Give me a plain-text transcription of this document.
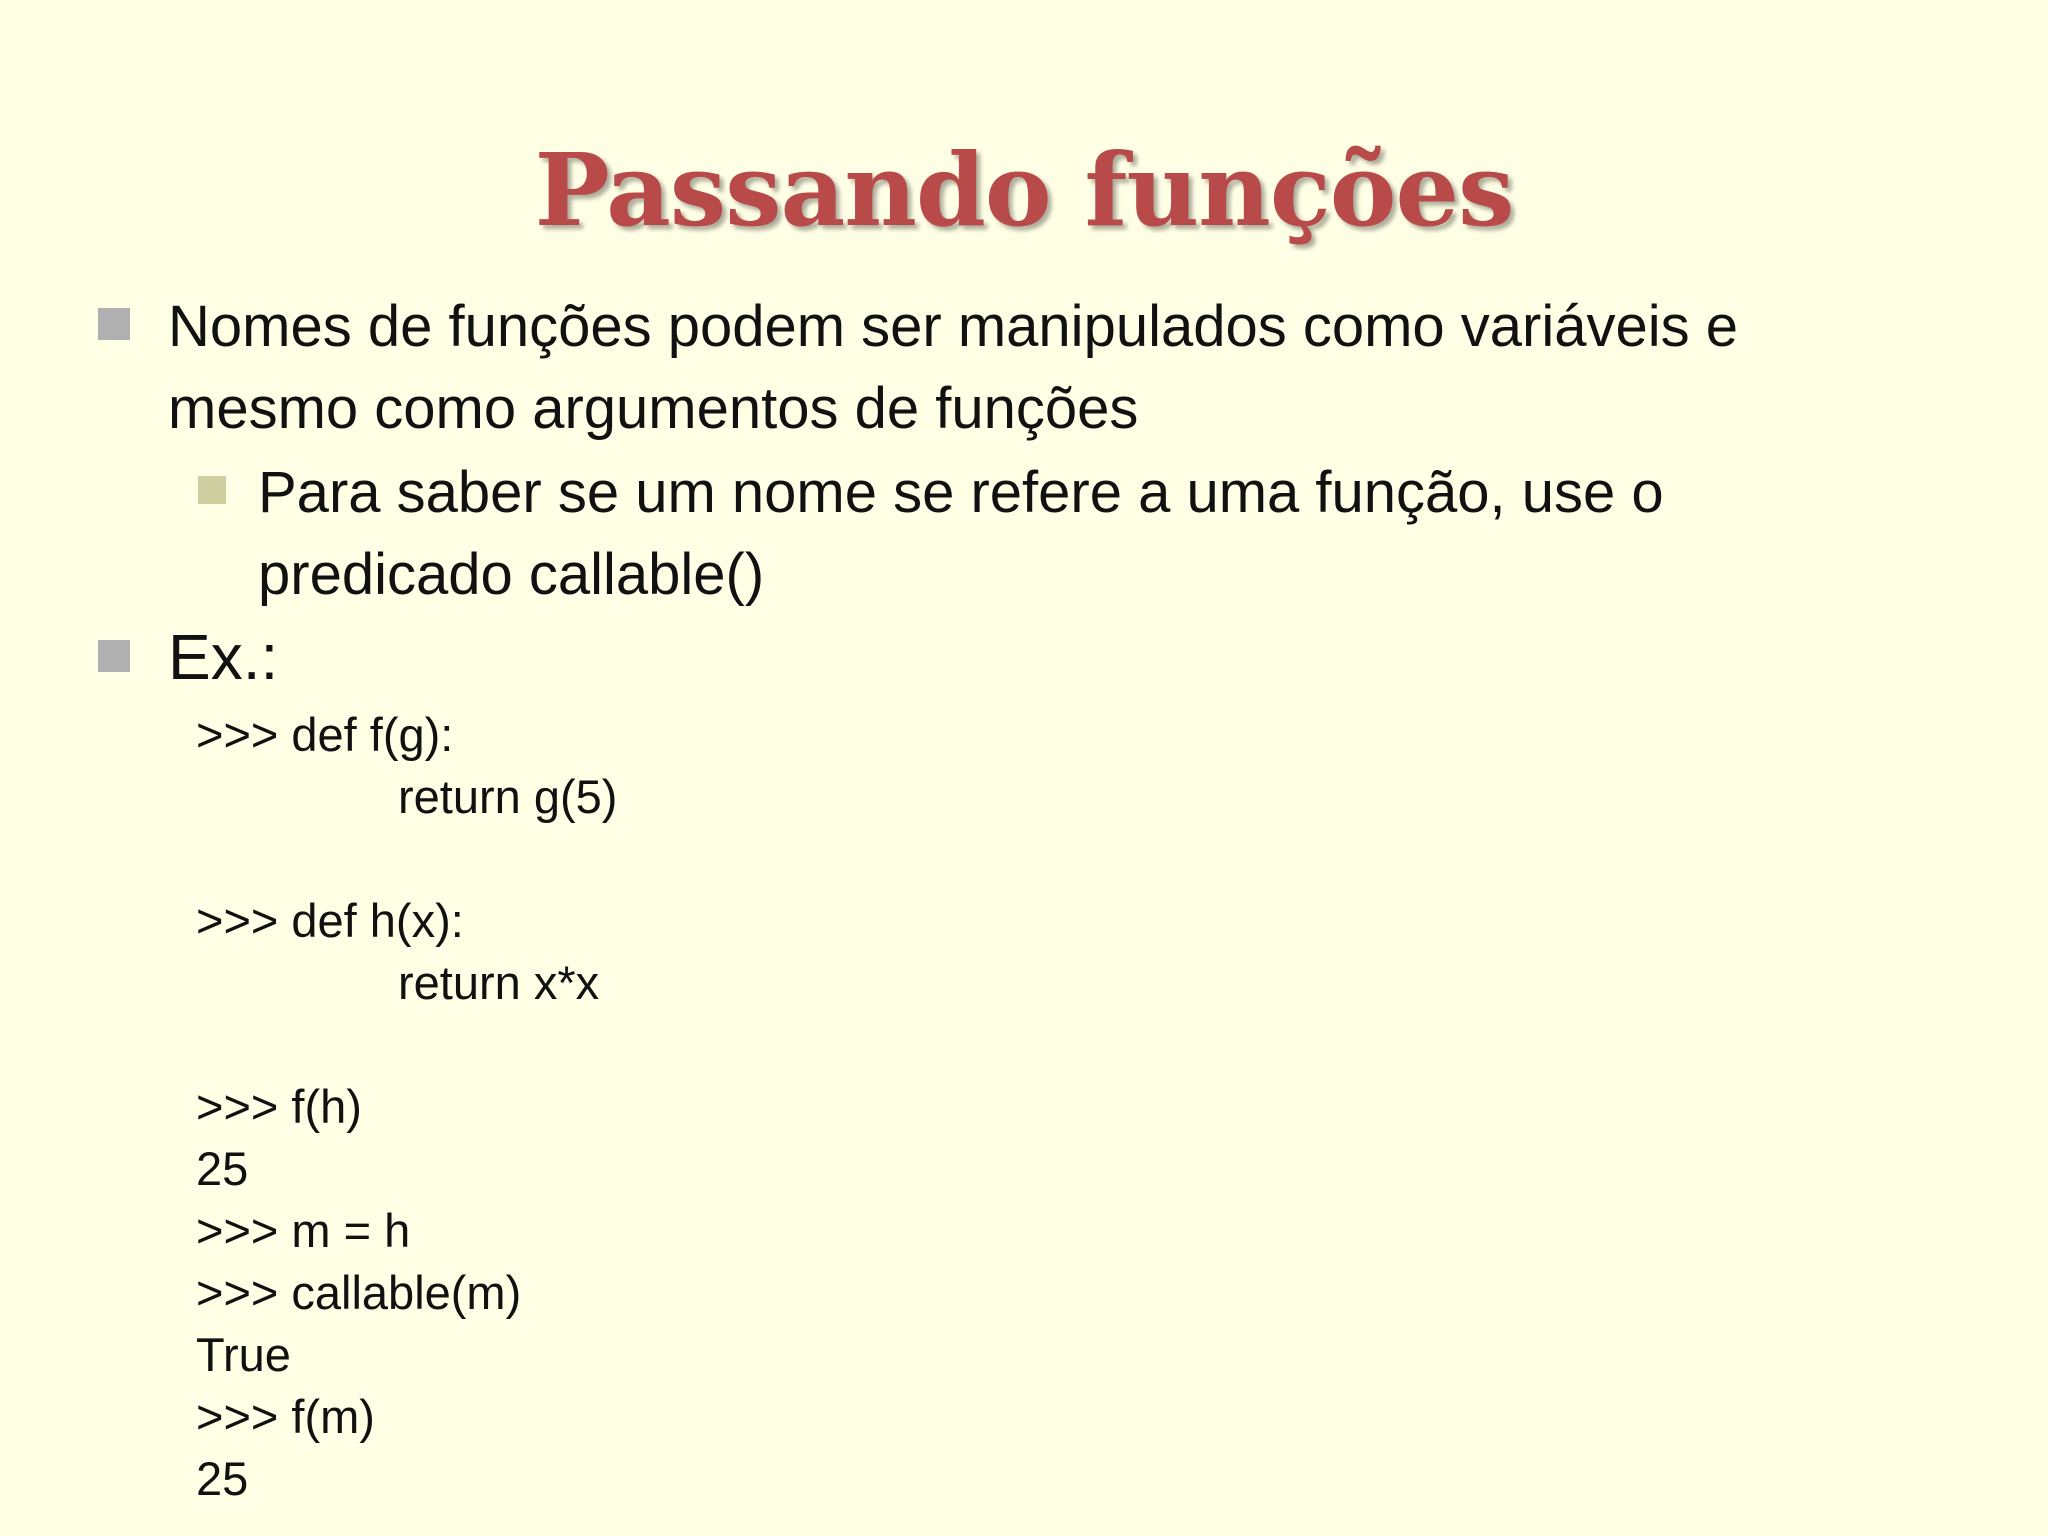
Passando funções
Nomes de funções podem ser manipulados como variáveis e mesmo como argumentos de funções
Para saber se um nome se refere a uma função, use o predicado callable()
Ex.:
>>> def f(g):
return g(5)
>>> def h(x):
return x*x
>>> f(h)
25
>>> m = h
>>> callable(m)
True
>>> f(m)
25
